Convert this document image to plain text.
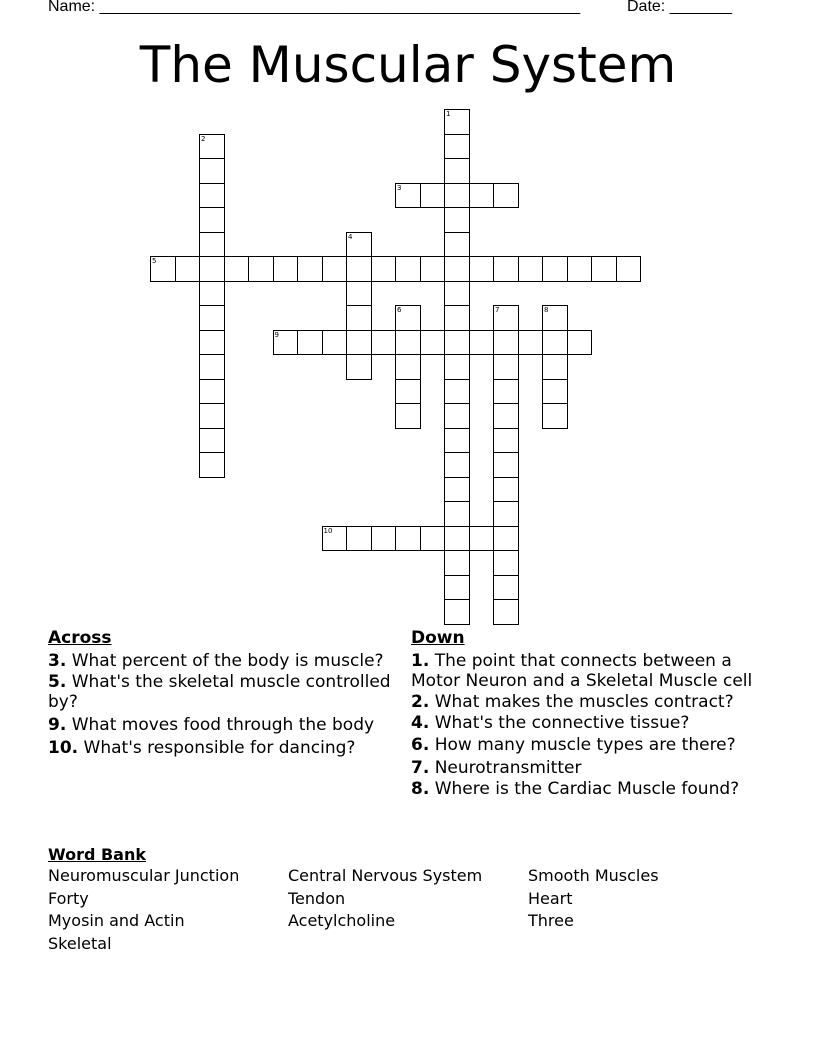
Name: ______________________________________________________	Date: _______
The Muscular System
1
2
3
4
5
6	7	8
9
10
Across
3. What percent of the body is muscle?
5. What's the skeletal muscle controlled by?
9. What moves food through the body
10. What's responsible for dancing?
Down
1. The point that connects between a Motor Neuron and a Skeletal Muscle cell
2. What makes the muscles contract?
4. What's the connective tissue?
6. How many muscle types are there?
7. Neurotransmitter
8. Where is the Cardiac Muscle found?
Word Bank
Neuromuscular Junction	Central Nervous System	Smooth Muscles
Forty	Tendon	Heart
Myosin and Actin	Acetylcholine	Three
Skeletal
